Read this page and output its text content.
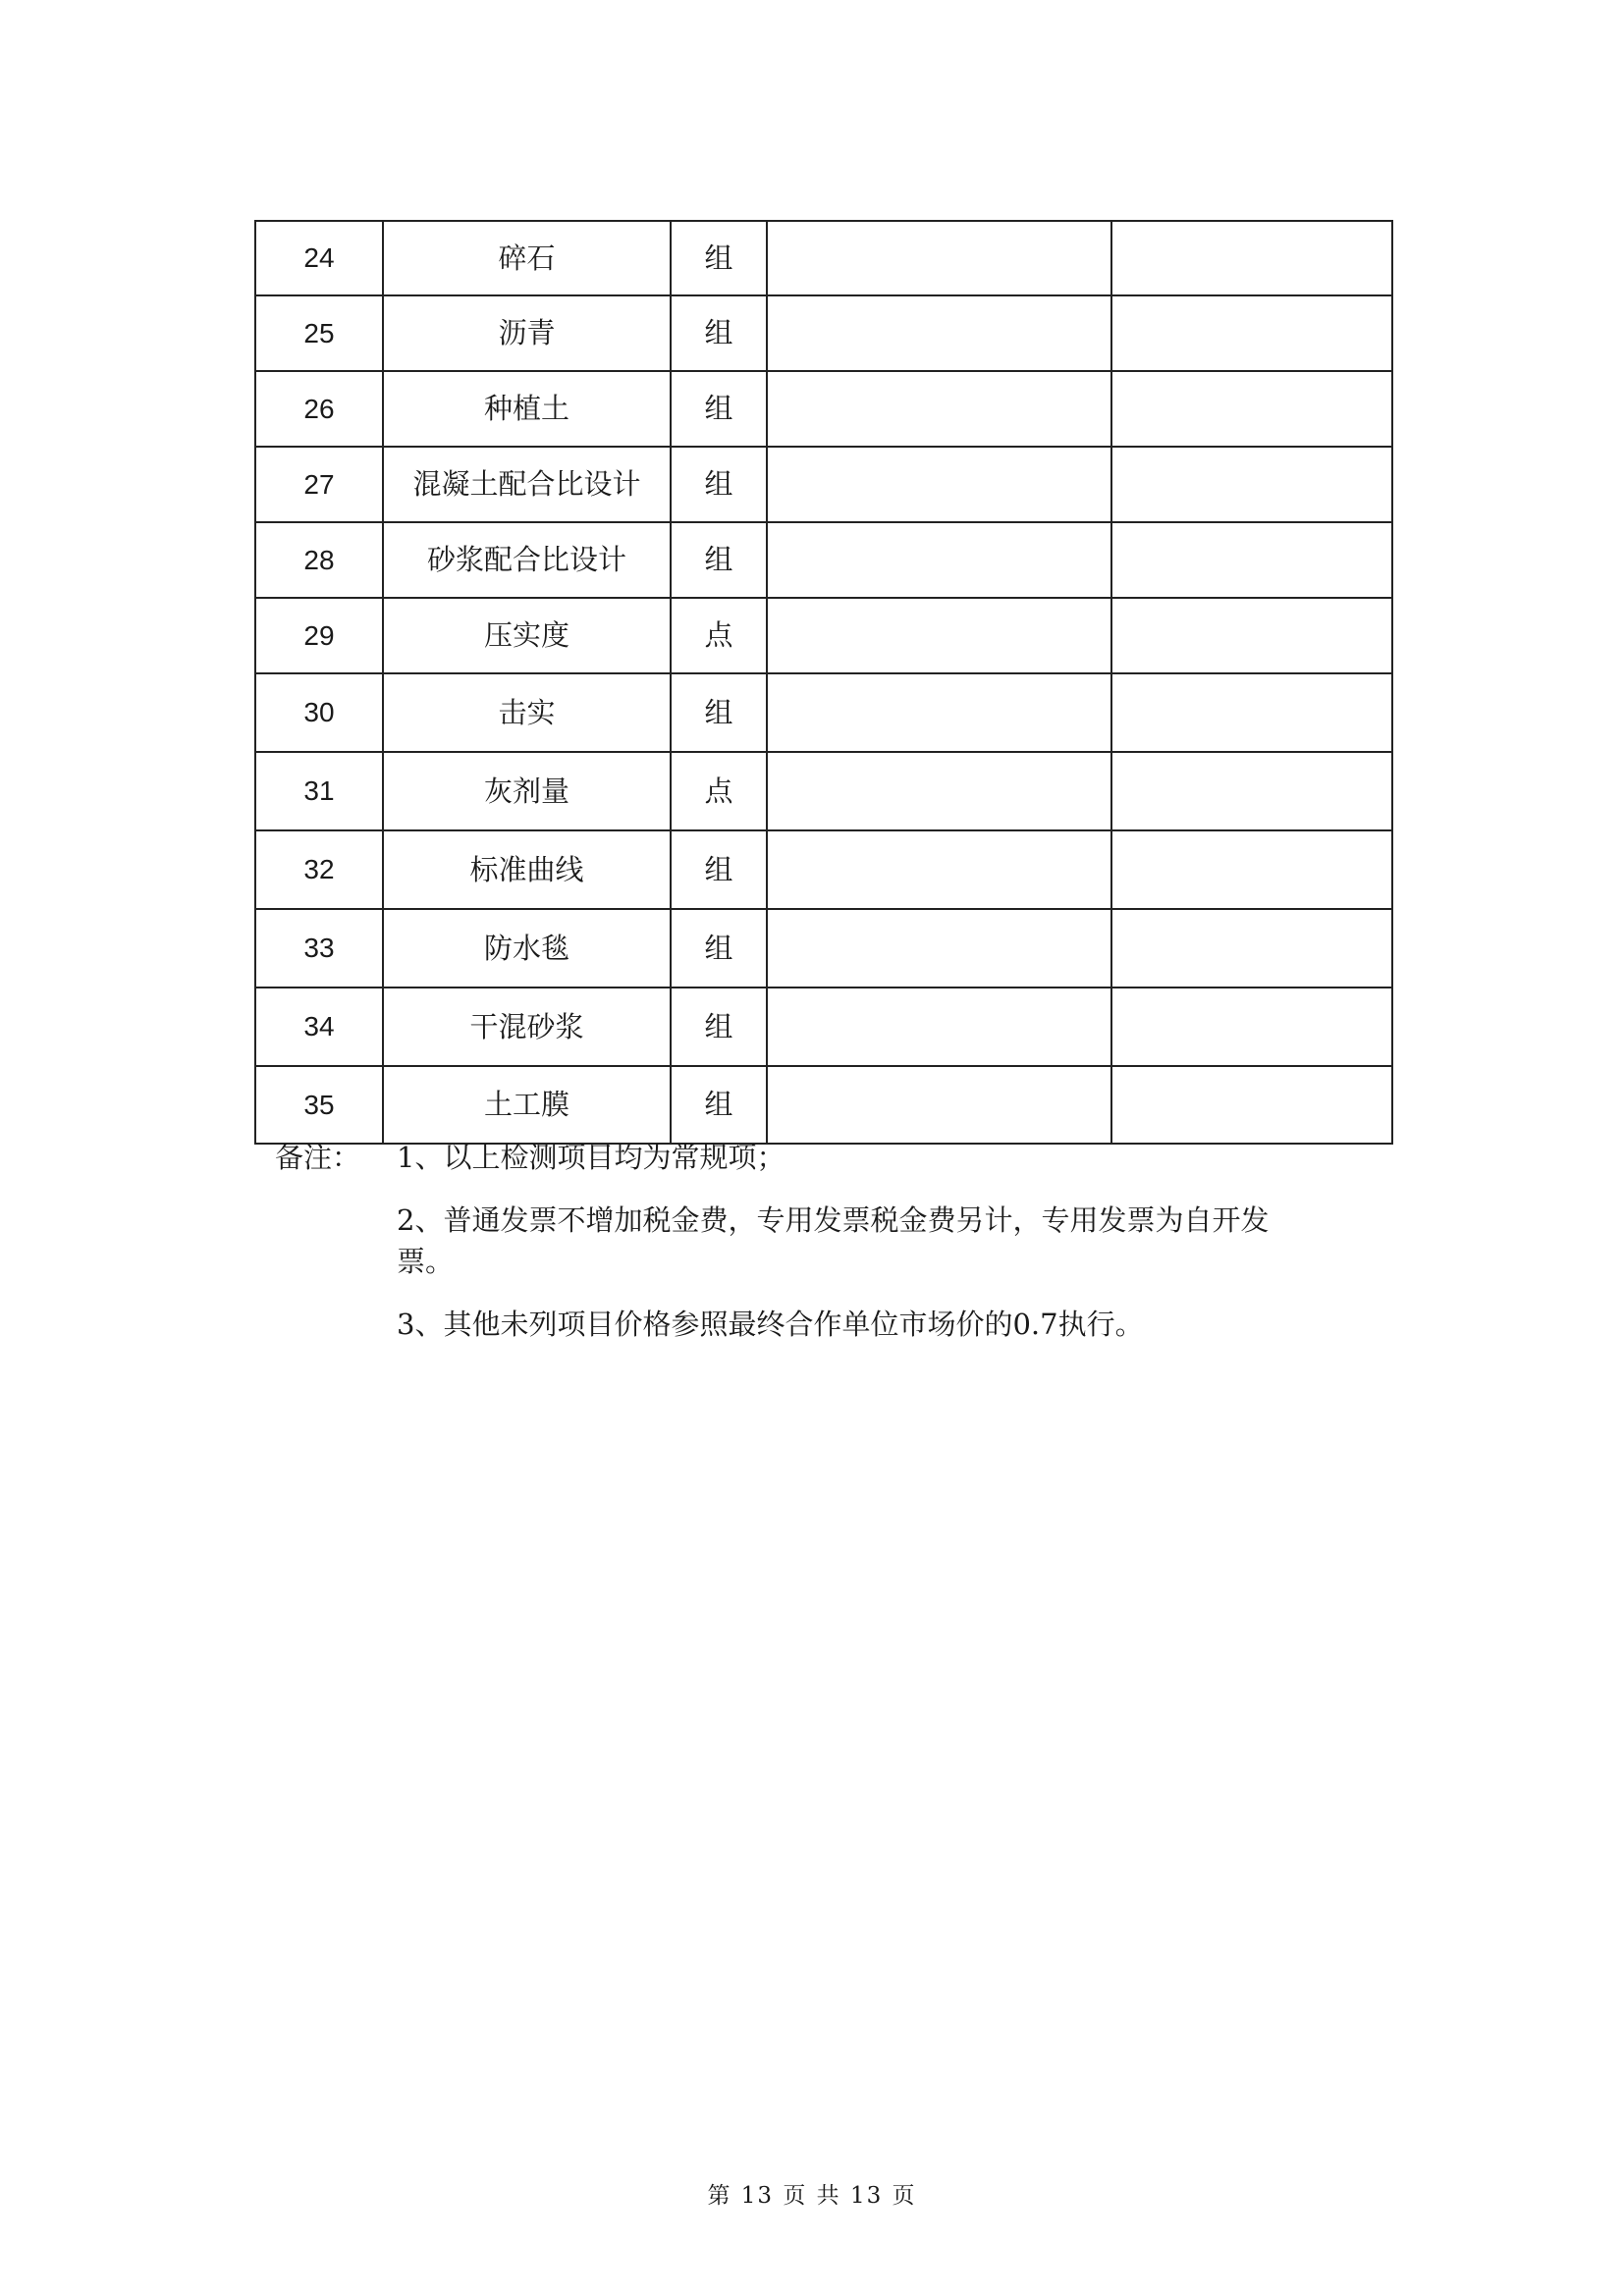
24	碎石	组		
25	沥青	组		
26	种植土	组		
27	混凝土配合比设计	组		
28	砂浆配合比设计	组		
29	压实度	点		
30	击实	组		
31	灰剂量	点		
32	标准曲线	组		
33	防水毯	组		
34	干混砂浆	组		
35	土工膜	组		
备注： 1、以上检测项目均为常规项；
2、普通发票不增加税金费，专用发票税金费另计，专用发票为自开发
票。
3、其他未列项目价格参照最终合作单位市场价的0.7执行。
第 13 页 共 13 页
